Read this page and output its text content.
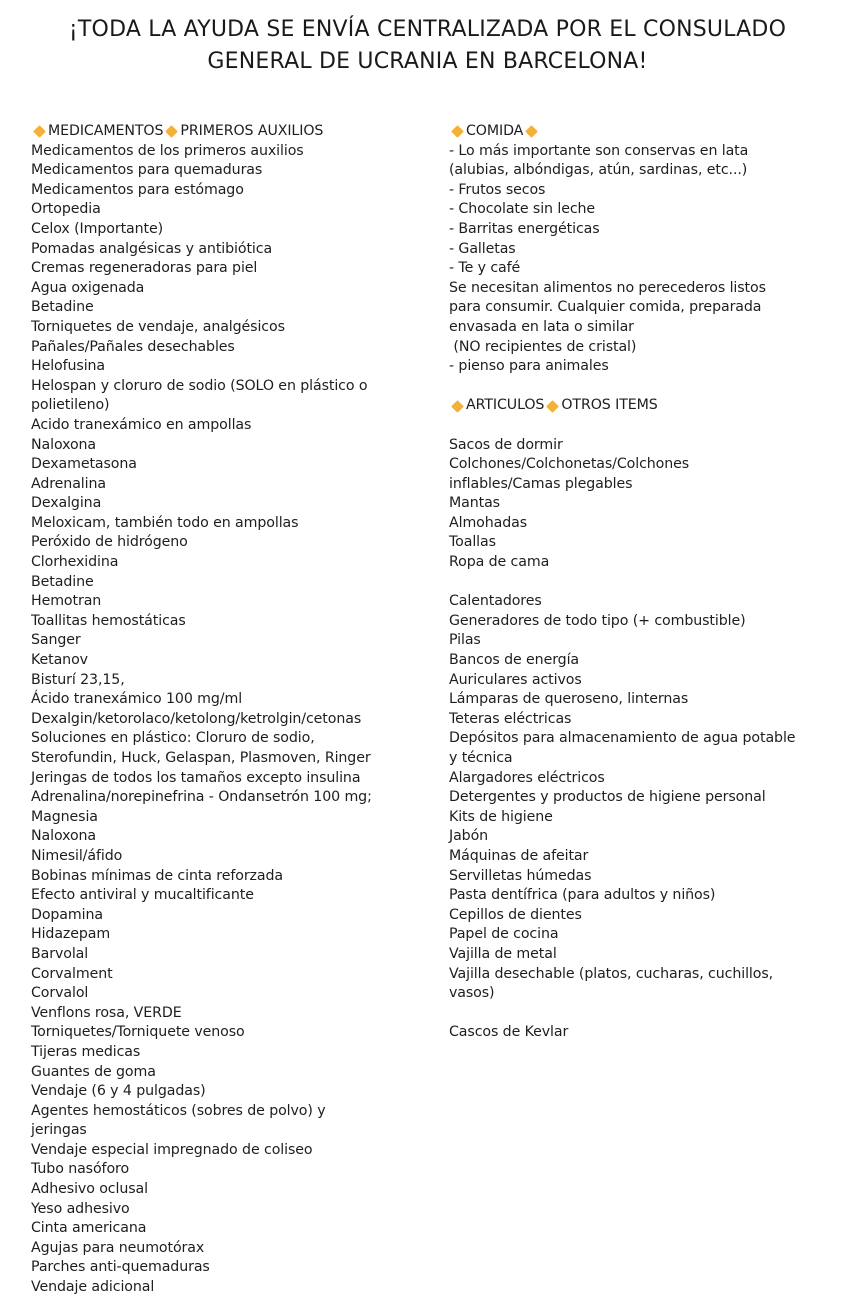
¡TODA LA AYUDA SE ENVÍA CENTRALIZADA POR EL CONSULADO
GENERAL DE UCRANIA EN BARCELONA!
MEDICAMENTOS PRIMEROS AUXILIOS
Medicamentos de los primeros auxilios
Medicamentos para quemaduras
Medicamentos para estómago
Ortopedia
Celox (Importante)
Pomadas analgésicas y antibiótica
Cremas regeneradoras para piel
Agua oxigenada
Betadine
Torniquetes de vendaje, analgésicos
Pañales/Pañales desechables
Helofusina
Helospan y cloruro de sodio (SOLO en plástico o
polietileno)
Acido tranexámico en ampollas
Naloxona
Dexametasona
Adrenalina
Dexalgina
Meloxicam, también todo en ampollas
Peróxido de hidrógeno
Clorhexidina
Betadine
Hemotran
Toallitas hemostáticas
Sanger
Ketanov
Bisturí 23,15,
Ácido tranexámico 100 mg/ml
Dexalgin/ketorolaco/ketolong/ketrolgin/cetonas
Soluciones en plástico: Cloruro de sodio,
Sterofundin, Huck, Gelaspan, Plasmoven, Ringer
Jeringas de todos los tamaños excepto insulina
Adrenalina/norepinefrina - Ondansetrón 100 mg;
Magnesia
Naloxona
Nimesil/áfido
Bobinas mínimas de cinta reforzada
Efecto antiviral y mucaltificante
Dopamina
Hidazepam
Barvolal
Corvalment
Corvalol
Venflons rosa, VERDE
Torniquetes/Torniquete venoso
Tijeras medicas
Guantes de goma
Vendaje (6 y 4 pulgadas)
Agentes hemostáticos (sobres de polvo) y
jeringas
Vendaje especial impregnado de coliseo
Tubo nasóforo
Adhesivo oclusal
Yeso adhesivo
Cinta americana
Agujas para neumotórax
Parches anti-quemaduras
Vendaje adicional
COMIDA
- Lo más importante son conservas en lata
(alubias, albóndigas, atún, sardinas, etc...)
- Frutos secos
- Chocolate sin leche
- Barritas energéticas
- Galletas
- Te y café
Se necesitan alimentos no perecederos listos
para consumir. Cualquier comida, preparada
envasada en lata o similar
(NO recipientes de cristal)
- pienso para animales
ARTICULOS OTROS ITEMS
Sacos de dormir
Colchones/Colchonetas/Colchones
inflables/Camas plegables
Mantas
Almohadas
Toallas
Ropa de cama
Calentadores
Generadores de todo tipo (+ combustible)
Pilas
Bancos de energía
Auriculares activos
Lámparas de queroseno, linternas
Teteras eléctricas
Depósitos para almacenamiento de agua potable
y técnica
Alargadores eléctricos
Detergentes y productos de higiene personal
Kits de higiene
Jabón
Máquinas de afeitar
Servilletas húmedas
Pasta dentífrica (para adultos y niños)
Cepillos de dientes
Papel de cocina
Vajilla de metal
Vajilla desechable (platos, cucharas, cuchillos,
vasos)
Cascos de Kevlar
